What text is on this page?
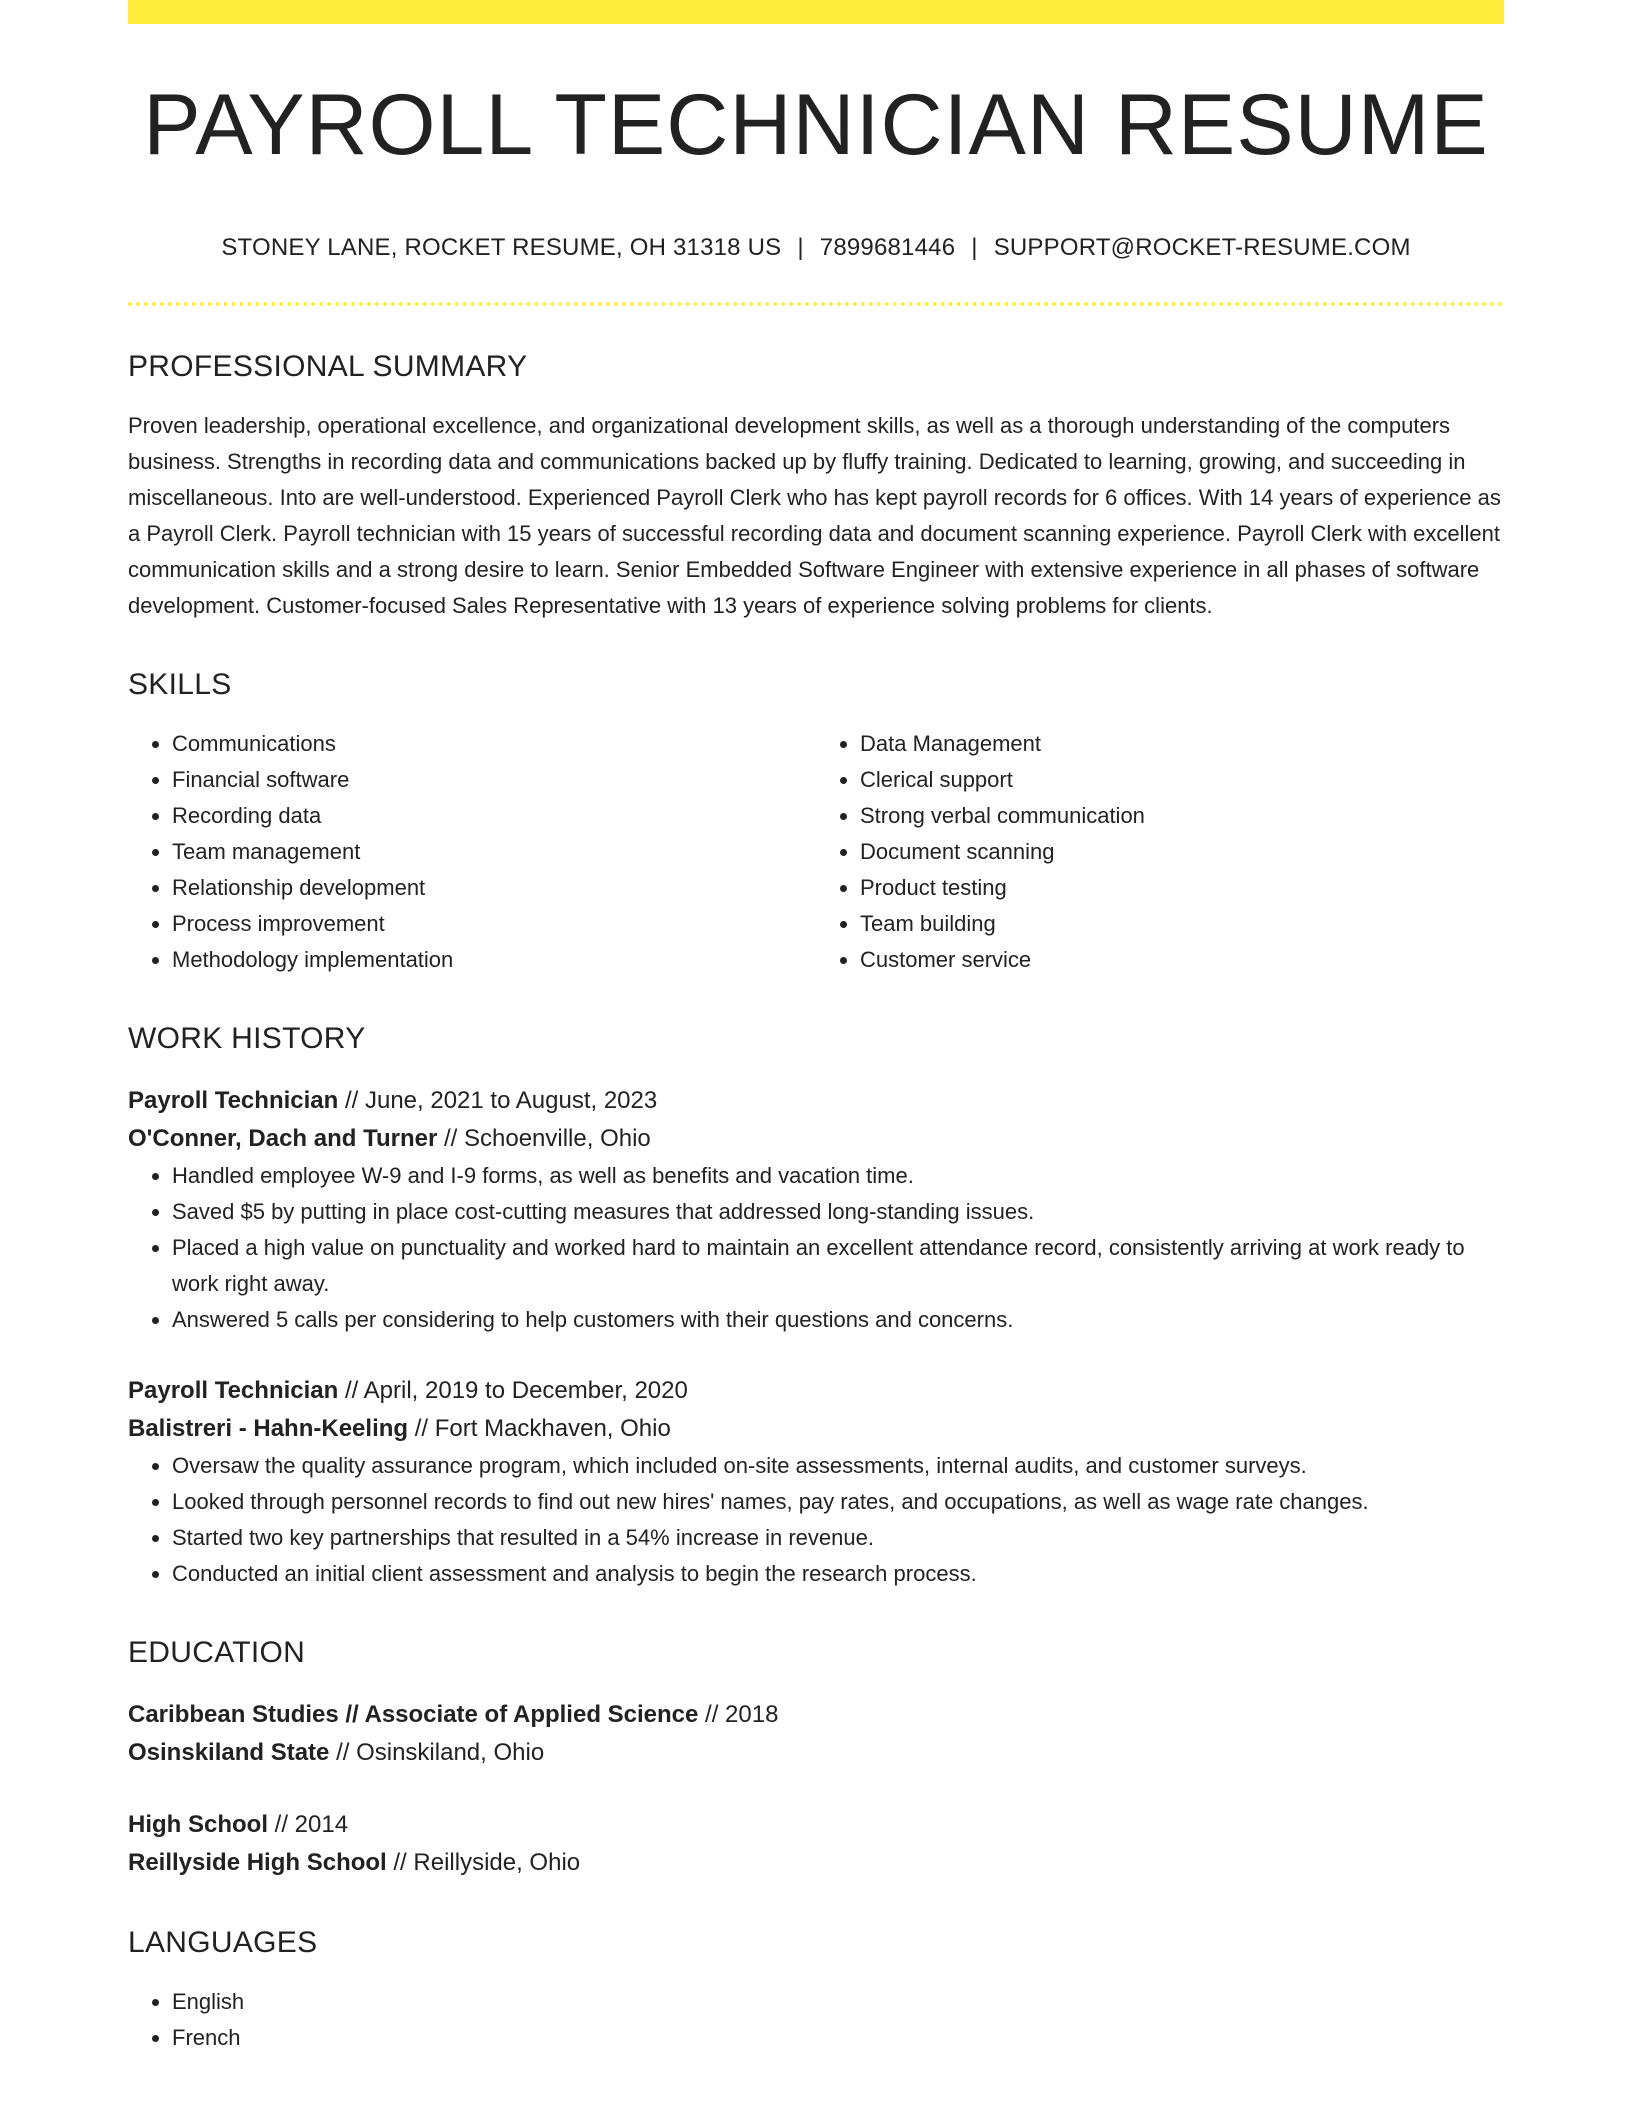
PAYROLL TECHNICIAN RESUME
STONEY LANE, ROCKET RESUME, OH 31318 US | 7899681446 | SUPPORT@ROCKET-RESUME.COM
PROFESSIONAL SUMMARY
Proven leadership, operational excellence, and organizational development skills, as well as a thorough understanding of the computers business. Strengths in recording data and communications backed up by fluffy training. Dedicated to learning, growing, and succeeding in miscellaneous. Into are well-understood. Experienced Payroll Clerk who has kept payroll records for 6 offices. With 14 years of experience as a Payroll Clerk. Payroll technician with 15 years of successful recording data and document scanning experience. Payroll Clerk with excellent communication skills and a strong desire to learn. Senior Embedded Software Engineer with extensive experience in all phases of software development. Customer-focused Sales Representative with 13 years of experience solving problems for clients.
SKILLS
• Communications
• Financial software
• Recording data
• Team management
• Relationship development
• Process improvement
• Methodology implementation
• Data Management
• Clerical support
• Strong verbal communication
• Document scanning
• Product testing
• Team building
• Customer service
WORK HISTORY
Payroll Technician // June, 2021 to August, 2023
O'Conner, Dach and Turner // Schoenville, Ohio
• Handled employee W-9 and I-9 forms, as well as benefits and vacation time.
• Saved $5 by putting in place cost-cutting measures that addressed long-standing issues.
• Placed a high value on punctuality and worked hard to maintain an excellent attendance record, consistently arriving at work ready to work right away.
• Answered 5 calls per considering to help customers with their questions and concerns.
Payroll Technician // April, 2019 to December, 2020
Balistreri - Hahn-Keeling // Fort Mackhaven, Ohio
• Oversaw the quality assurance program, which included on-site assessments, internal audits, and customer surveys.
• Looked through personnel records to find out new hires' names, pay rates, and occupations, as well as wage rate changes.
• Started two key partnerships that resulted in a 54% increase in revenue.
• Conducted an initial client assessment and analysis to begin the research process.
EDUCATION
Caribbean Studies // Associate of Applied Science // 2018
Osinskiland State // Osinskiland, Ohio
High School // 2014
Reillyside High School // Reillyside, Ohio
LANGUAGES
• English
• French
